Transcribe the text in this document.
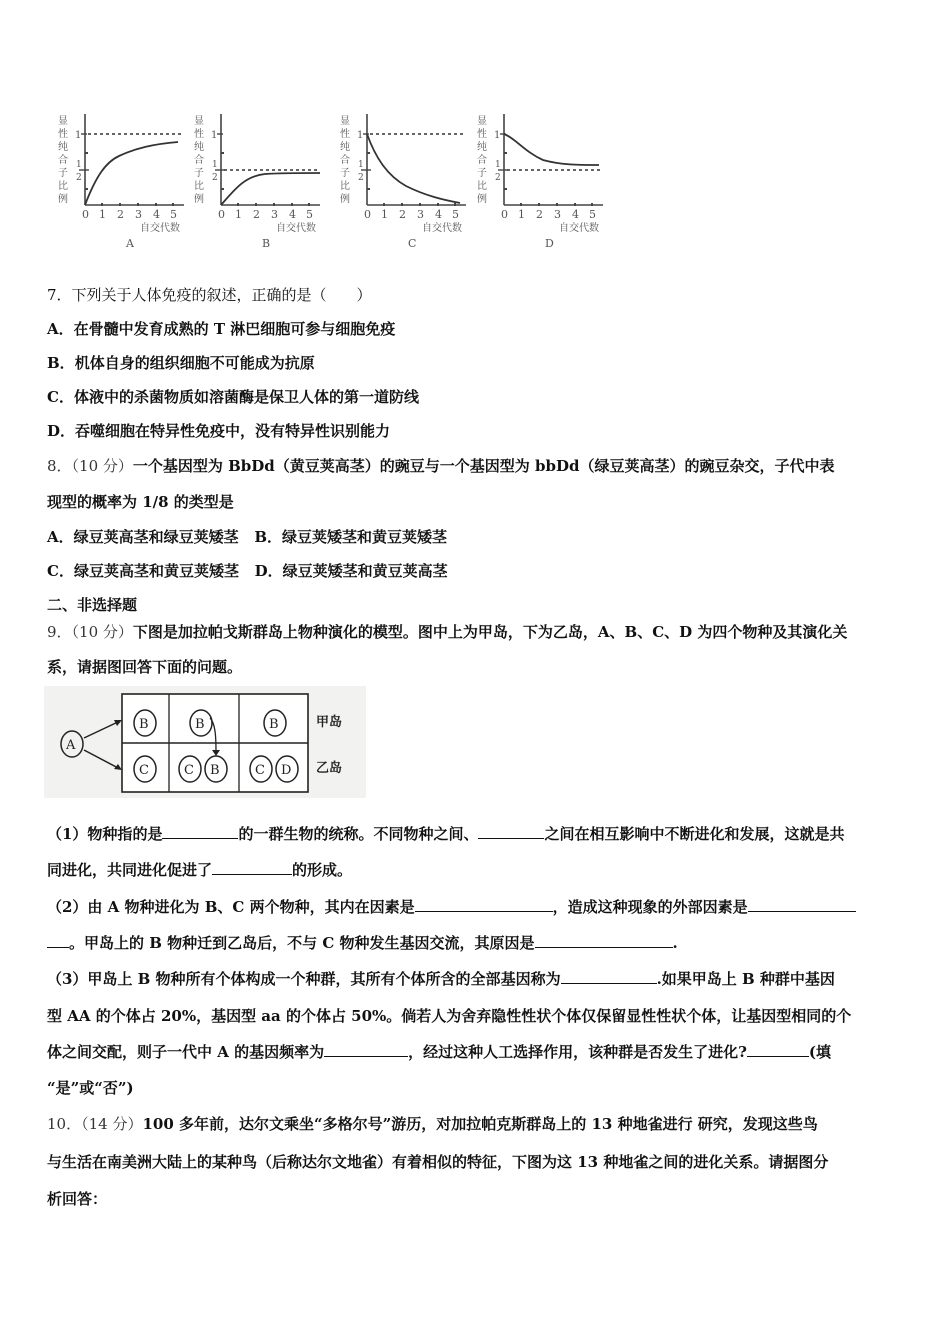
A	B	C	D
7．下列关于人体免疫的叙述，正确的是（　　）
A．在骨髓中发育成熟的 T 淋巴细胞可参与细胞免疫
B．机体自身的组织细胞不可能成为抗原
C．体液中的杀菌物质如溶菌酶是保卫人体的第一道防线
D．吞噬细胞在特异性免疫中，没有特异性识别能力
8．（10 分）一个基因型为 BbDd（黄豆荚高茎）的豌豆与一个基因型为 bbDd（绿豆荚高茎）的豌豆杂交，子代中表
现型的概率为 1/8 的类型是
A．绿豆荚高茎和绿豆荚矮茎 B．绿豆荚矮茎和黄豆荚矮茎
C．绿豆荚高茎和黄豆荚矮茎 D．绿豆荚矮茎和黄豆荚高茎
二、非选择题
9．（10 分）下图是加拉帕戈斯群岛上物种演化的模型。图中上为甲岛，下为乙岛，A、B、C、D 为四个物种及其演化关
系，请据图回答下面的问题。
A
B	B	B
C	C B	C D
甲岛
乙岛
（1）物种指的是	的一群生物的统称。不同物种之间、	之间在相互影响中不断进化和发展，这就是共
同进化，共同进化促进了	的形成。
（2）由 A 物种进化为 B、C 两个物种，其内在因素是	，造成这种现象的外部因素是
。甲岛上的 B 物种迁到乙岛后，不与 C 物种发生基因交流，其原因是	.
（3）甲岛上 B 物种所有个体构成一个种群，其所有个体所含的全部基因称为	.如果甲岛上 B 种群中基因
型 AA 的个体占 20%，基因型 aa 的个体占 50%。倘若人为舍弃隐性性状个体仅保留显性性状个体，让基因型相同的个
体之间交配，则子一代中 A 的基因频率为	，经过这种人工选择作用，该种群是否发生了进化?	(填
“是”或“否”)
10．（14 分）100 多年前，达尔文乘坐“多格尔号”游历，对加拉帕克斯群岛上的 13 种地雀进行 研究，发现这些鸟
与生活在南美洲大陆上的某种鸟（后称达尔文地雀）有着相似的特征，下图为这 13 种地雀之间的进化关系。请据图分
析回答：
